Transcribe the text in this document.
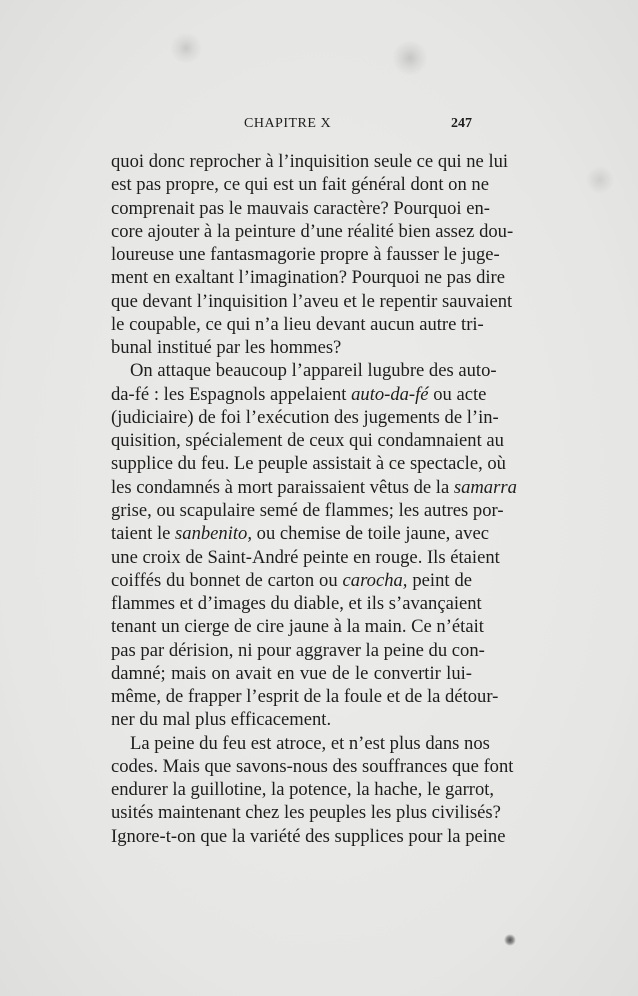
CHAPITRE X	247
quoi donc reprocher à l’inquisition seule ce qui ne lui
est pas propre, ce qui est un fait général dont on ne
comprenait pas le mauvais caractère? Pourquoi en-
core ajouter à la peinture d’une réalité bien assez dou-
loureuse une fantasmagorie propre à fausser le juge-
ment en exaltant l’imagination? Pourquoi ne pas dire
que devant l’inquisition l’aveu et le repentir sauvaient
le coupable, ce qui n’a lieu devant aucun autre tri-
bunal institué par les hommes?
On attaque beaucoup l’appareil lugubre des auto-
da-fé : les Espagnols appelaient auto-da-fé ou acte
(judiciaire) de foi l’exécution des jugements de l’in-
quisition, spécialement de ceux qui condamnaient au
supplice du feu. Le peuple assistait à ce spectacle, où
les condamnés à mort paraissaient vêtus de la samarra
grise, ou scapulaire semé de flammes; les autres por-
taient le sanbenito, ou chemise de toile jaune, avec
une croix de Saint-André peinte en rouge. Ils étaient
coiffés du bonnet de carton ou carocha, peint de
flammes et d’images du diable, et ils s’avançaient
tenant un cierge de cire jaune à la main. Ce n’était
pas par dérision, ni pour aggraver la peine du con-
damné; mais on avait en vue de le convertir lui-
même, de frapper l’esprit de la foule et de la détour-
ner du mal plus efficacement.
La peine du feu est atroce, et n’est plus dans nos
codes. Mais que savons-nous des souffrances que font
endurer la guillotine, la potence, la hache, le garrot,
usités maintenant chez les peuples les plus civilisés?
Ignore-t-on que la variété des supplices pour la peine
